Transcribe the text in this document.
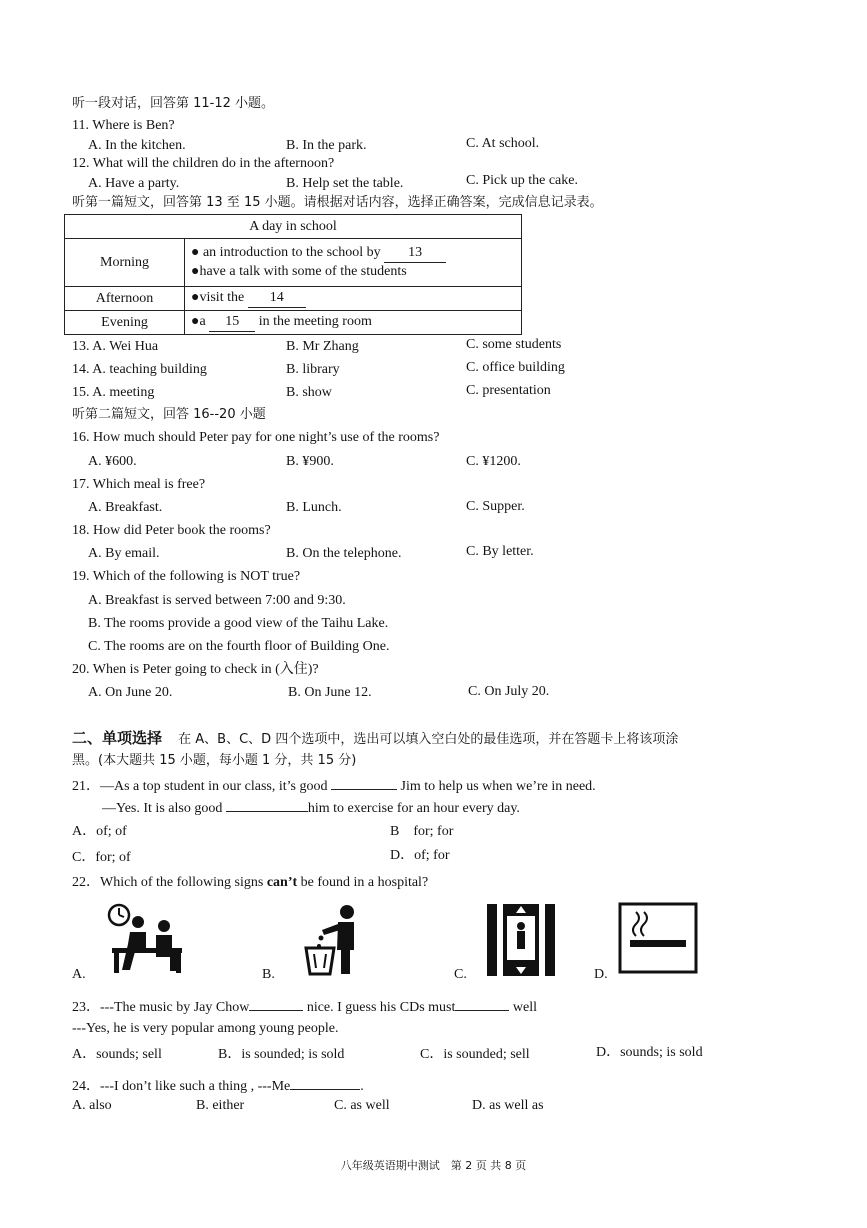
听一段对话，回答第 11-12 小题。
11. Where is Ben?
A. In the kitchen.	B. In the park.	C. At school.
12. What will the children do in the afternoon?
A. Have a party.	B. Help set the table.	C. Pick up the cake.
听第一篇短文，回答第 13 至 15 小题。请根据对话内容，选择正确答案，完成信息记录表。
A day in school	
Morning	● an introduction to the school by 13
●have a talk with some of the students

Afternoon	●visit the 14
Evening	●a 15 in the meeting room
13. A. Wei Hua	B. Mr Zhang	C. some students
14. A. teaching building	B. library	C. office building
15. A. meeting	B. show	C. presentation
听第二篇短文，回答 16--20 小题
16. How much should Peter pay for one night’s use of the rooms?
A. ¥600.	B. ¥900.	C. ¥1200.
17. Which meal is free?
A. Breakfast.	B. Lunch.	C. Supper.
18. How did Peter book the rooms?
A. By email.	B. On the telephone.	C. By letter.
19. Which of the following is NOT true?
A. Breakfast is served between 7:00 and 9:30.
B. The rooms provide a good view of the Taihu Lake.
C. The rooms are on the fourth floor of Building One.
20. When is Peter going to check in (入住)?
A. On June 20.	B. On June 12.	C. On July 20.
二、单项选择 在 A、B、C、D 四个选项中，选出可以填入空白处的最佳选项，并在答题卡上将该项涂
黑。(本大题共 15 小题，每小题 1 分，共 15 分)
21．—As a top student in our class, it’s good	Jim to help us when we’re in need.
—Yes. It is also good	him to exercise for an hour every day.
A．of; of	B　for; for
C．for; of	D．of; for
22．Which of the following signs can’t be found in a hospital?
A.	B.	C.	D.
23．---The music by Jay Chow	nice. I guess his CDs must	well
---Yes, he is very popular among young people.
A．sounds; sell	B．is sounded; is sold	C．is sounded; sell	D．sounds; is sold
24．---I don’t like such a thing , ---Me	.
A. also	B. either	C. as well	D. as well as
八年级英语期中测试　第 2 页 共 8 页
